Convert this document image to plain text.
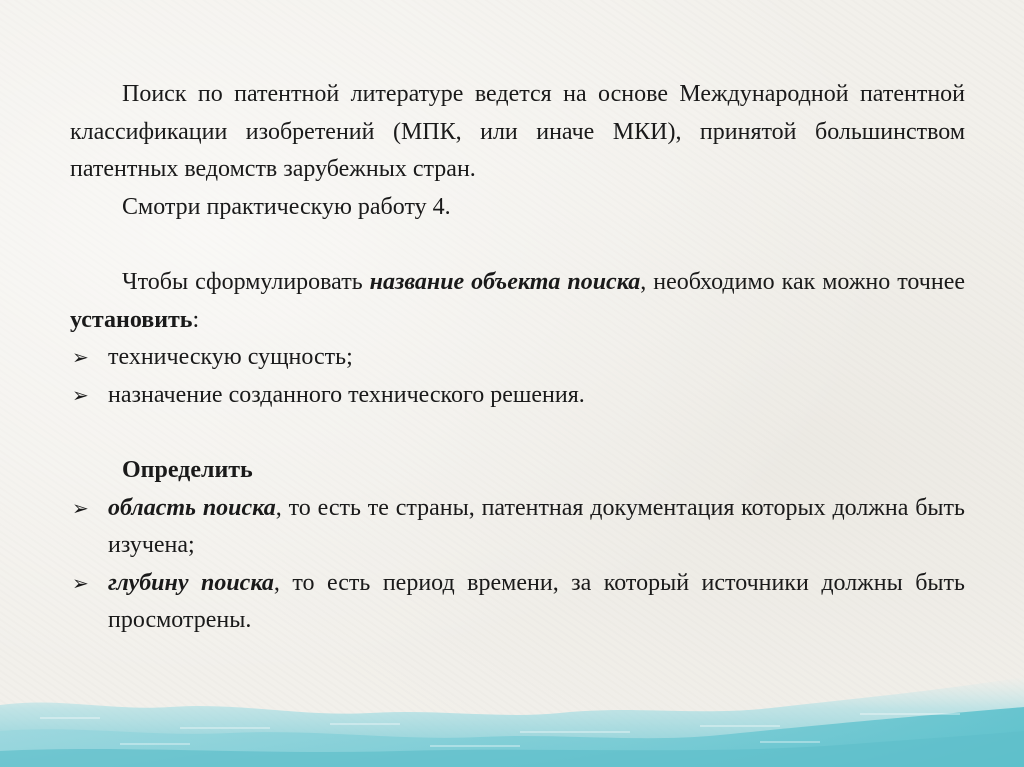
Поиск по патентной литературе ведется на основе Международной патентной классификации изобретений (МПК, или иначе МКИ), принятой большинством патентных ведомств зарубежных стран.

Смотри практическую работу 4.

Чтобы сформулировать название объекта поиска, необходимо как можно точнее установить:

➢ техническую сущность;

➢ назначение созданного технического решения.

Определить

➢ область поиска, то есть те страны, патентная документация которых должна быть изучена;

➢ глубину поиска, то есть период времени, за который источники должны быть просмотрены.
